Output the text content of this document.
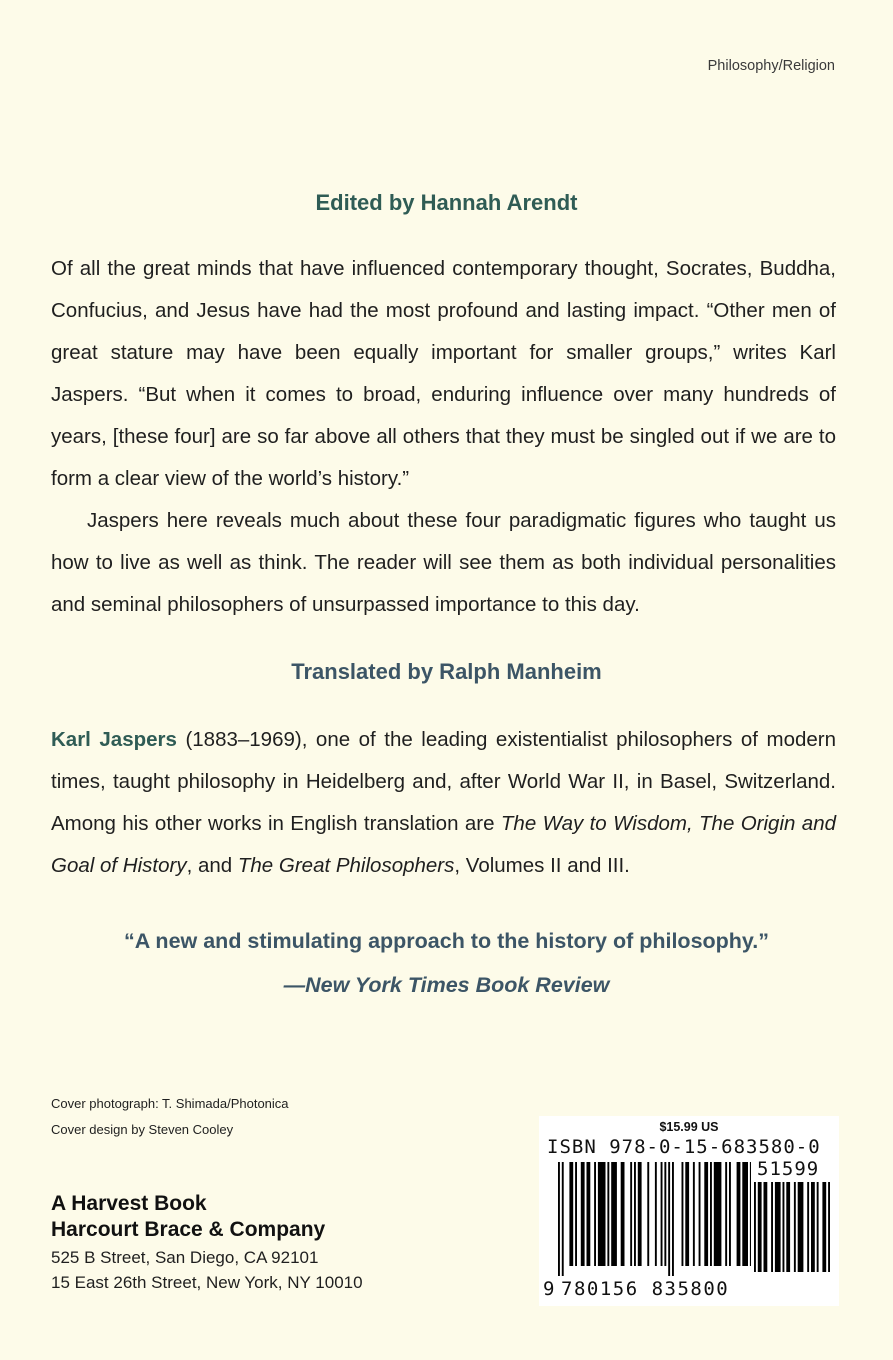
Philosophy/Religion
Edited by Hannah Arendt
Of all the great minds that have influenced contemporary thought, Socrates, Buddha, Confucius, and Jesus have had the most profound and lasting impact. “Other men of great stature may have been equally important for smaller groups,” writes Karl Jaspers. “But when it comes to broad, enduring influence over many hundreds of years, [these four] are so far above all others that they must be singled out if we are to form a clear view of the world’s history.”
Jaspers here reveals much about these four paradigmatic figures who taught us how to live as well as think. The reader will see them as both individual personalities and seminal philosophers of unsurpassed importance to this day.
Translated by Ralph Manheim
Karl Jaspers (1883–1969), one of the leading existentialist philosophers of modern times, taught philosophy in Heidelberg and, after World War II, in Basel, Switzerland. Among his other works in English translation are The Way to Wisdom, The Origin and Goal of History, and The Great Philosophers, Volumes II and III.
“A new and stimulating approach to the history of philosophy.”
—New York Times Book Review
Cover photograph: T. Shimada/Photonica
Cover design by Steven Cooley
A Harvest Book
Harcourt Brace & Company
525 B Street, San Diego, CA 92101
15 East 26th Street, New York, NY 10010
$15.99 US
ISBN 978-0-15-683580-0
51599
9 780156 835800
